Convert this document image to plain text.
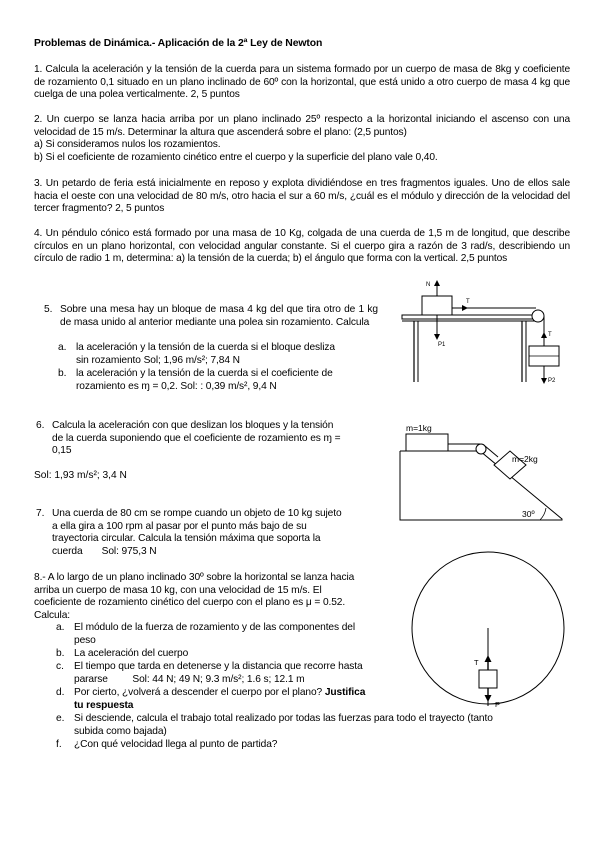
Problemas de Dinámica.- Aplicación de la 2ª Ley de Newton
1. Calcula la aceleración y la tensión de la cuerda para un sistema formado por un cuerpo de masa de 8kg y coeficiente de rozamiento 0,1 situado en un plano inclinado de 60º con la horizontal, que está unido a otro cuerpo de masa 4 kg que cuelga de una polea verticalmente. 2, 5 puntos
2. Un cuerpo se lanza hacia arriba por un plano inclinado 25º respecto a la horizontal iniciando el ascenso con una velocidad de 15 m/s. Determinar la altura que ascenderá sobre el plano: (2,5 puntos)
a) Si consideramos nulos los rozamientos.
b) Si el coeficiente de rozamiento cinético entre el cuerpo y la superficie del plano vale 0,40.
3. Un petardo de feria está inicialmente en reposo y explota dividiéndose en tres fragmentos iguales. Uno de ellos sale hacia el oeste con una velocidad de 80 m/s, otro hacia el sur a 60 m/s, ¿cuál es el módulo y dirección de la velocidad del tercer fragmento? 2, 5 puntos
4. Un péndulo cónico está formado por una masa de 10 Kg, colgada de una cuerda de 1,5 m de longitud, que describe círculos en un plano horizontal, con velocidad angular constante. Si el cuerpo gira a razón de 3 rad/s, describiendo un círculo de radio 1 m, determina: a) la tensión de la cuerda; b) el ángulo que forma con la vertical. 2,5 puntos
5. Sobre una mesa hay un bloque de masa 4 kg del que tira otro de 1 kg de masa unido al anterior mediante una polea sin rozamiento. Calcula
a. la aceleración y la tensión de la cuerda si el bloque desliza
sin rozamiento Sol; 1,96 m/s²; 7,84 N
b. la aceleración y la tensión de la cuerda si el coeficiente de
rozamiento es ɱ = 0,2. Sol: : 0,39 m/s², 9,4 N
N
T
P1
T
P2
6. Calcula la aceleración con que deslizan los bloques y la tensión
de la cuerda suponiendo que el coeficiente de rozamiento es ɱ =
0,15
Sol: 1,93 m/s²; 3,4 N
m=1kg
m=2kg
30º
7. Una cuerda de 80 cm se rompe cuando un objeto de 10 kg sujeto
a ella gira a 100 rpm al pasar por el punto más bajo de su
trayectoria circular. Calcula la tensión máxima que soporta la
cuerda       Sol: 975,3 N
8.- A lo largo de un plano inclinado 30º sobre la horizontal se lanza hacia
arriba un cuerpo de masa 10 kg, con una velocidad de 15 m/s. El
coeficiente de rozamiento cinético del cuerpo con el plano es μ = 0.52.
Calcula:
a. El módulo de la fuerza de rozamiento y de las componentes del
peso
b. La aceleración del cuerpo
c. El tiempo que tarda en detenerse y la distancia que recorre hasta
pararse         Sol: 44 N; 49 N; 9.3 m/s²; 1.6 s; 12.1 m
d. Por cierto, ¿volverá a descender el cuerpo por el plano? Justifica
tu respuesta
e. Si desciende, calcula el trabajo total realizado por todas las fuerzas para todo el trayecto (tanto
subida como bajada)
f. ¿Con qué velocidad llega al punto de partida?
T
P
